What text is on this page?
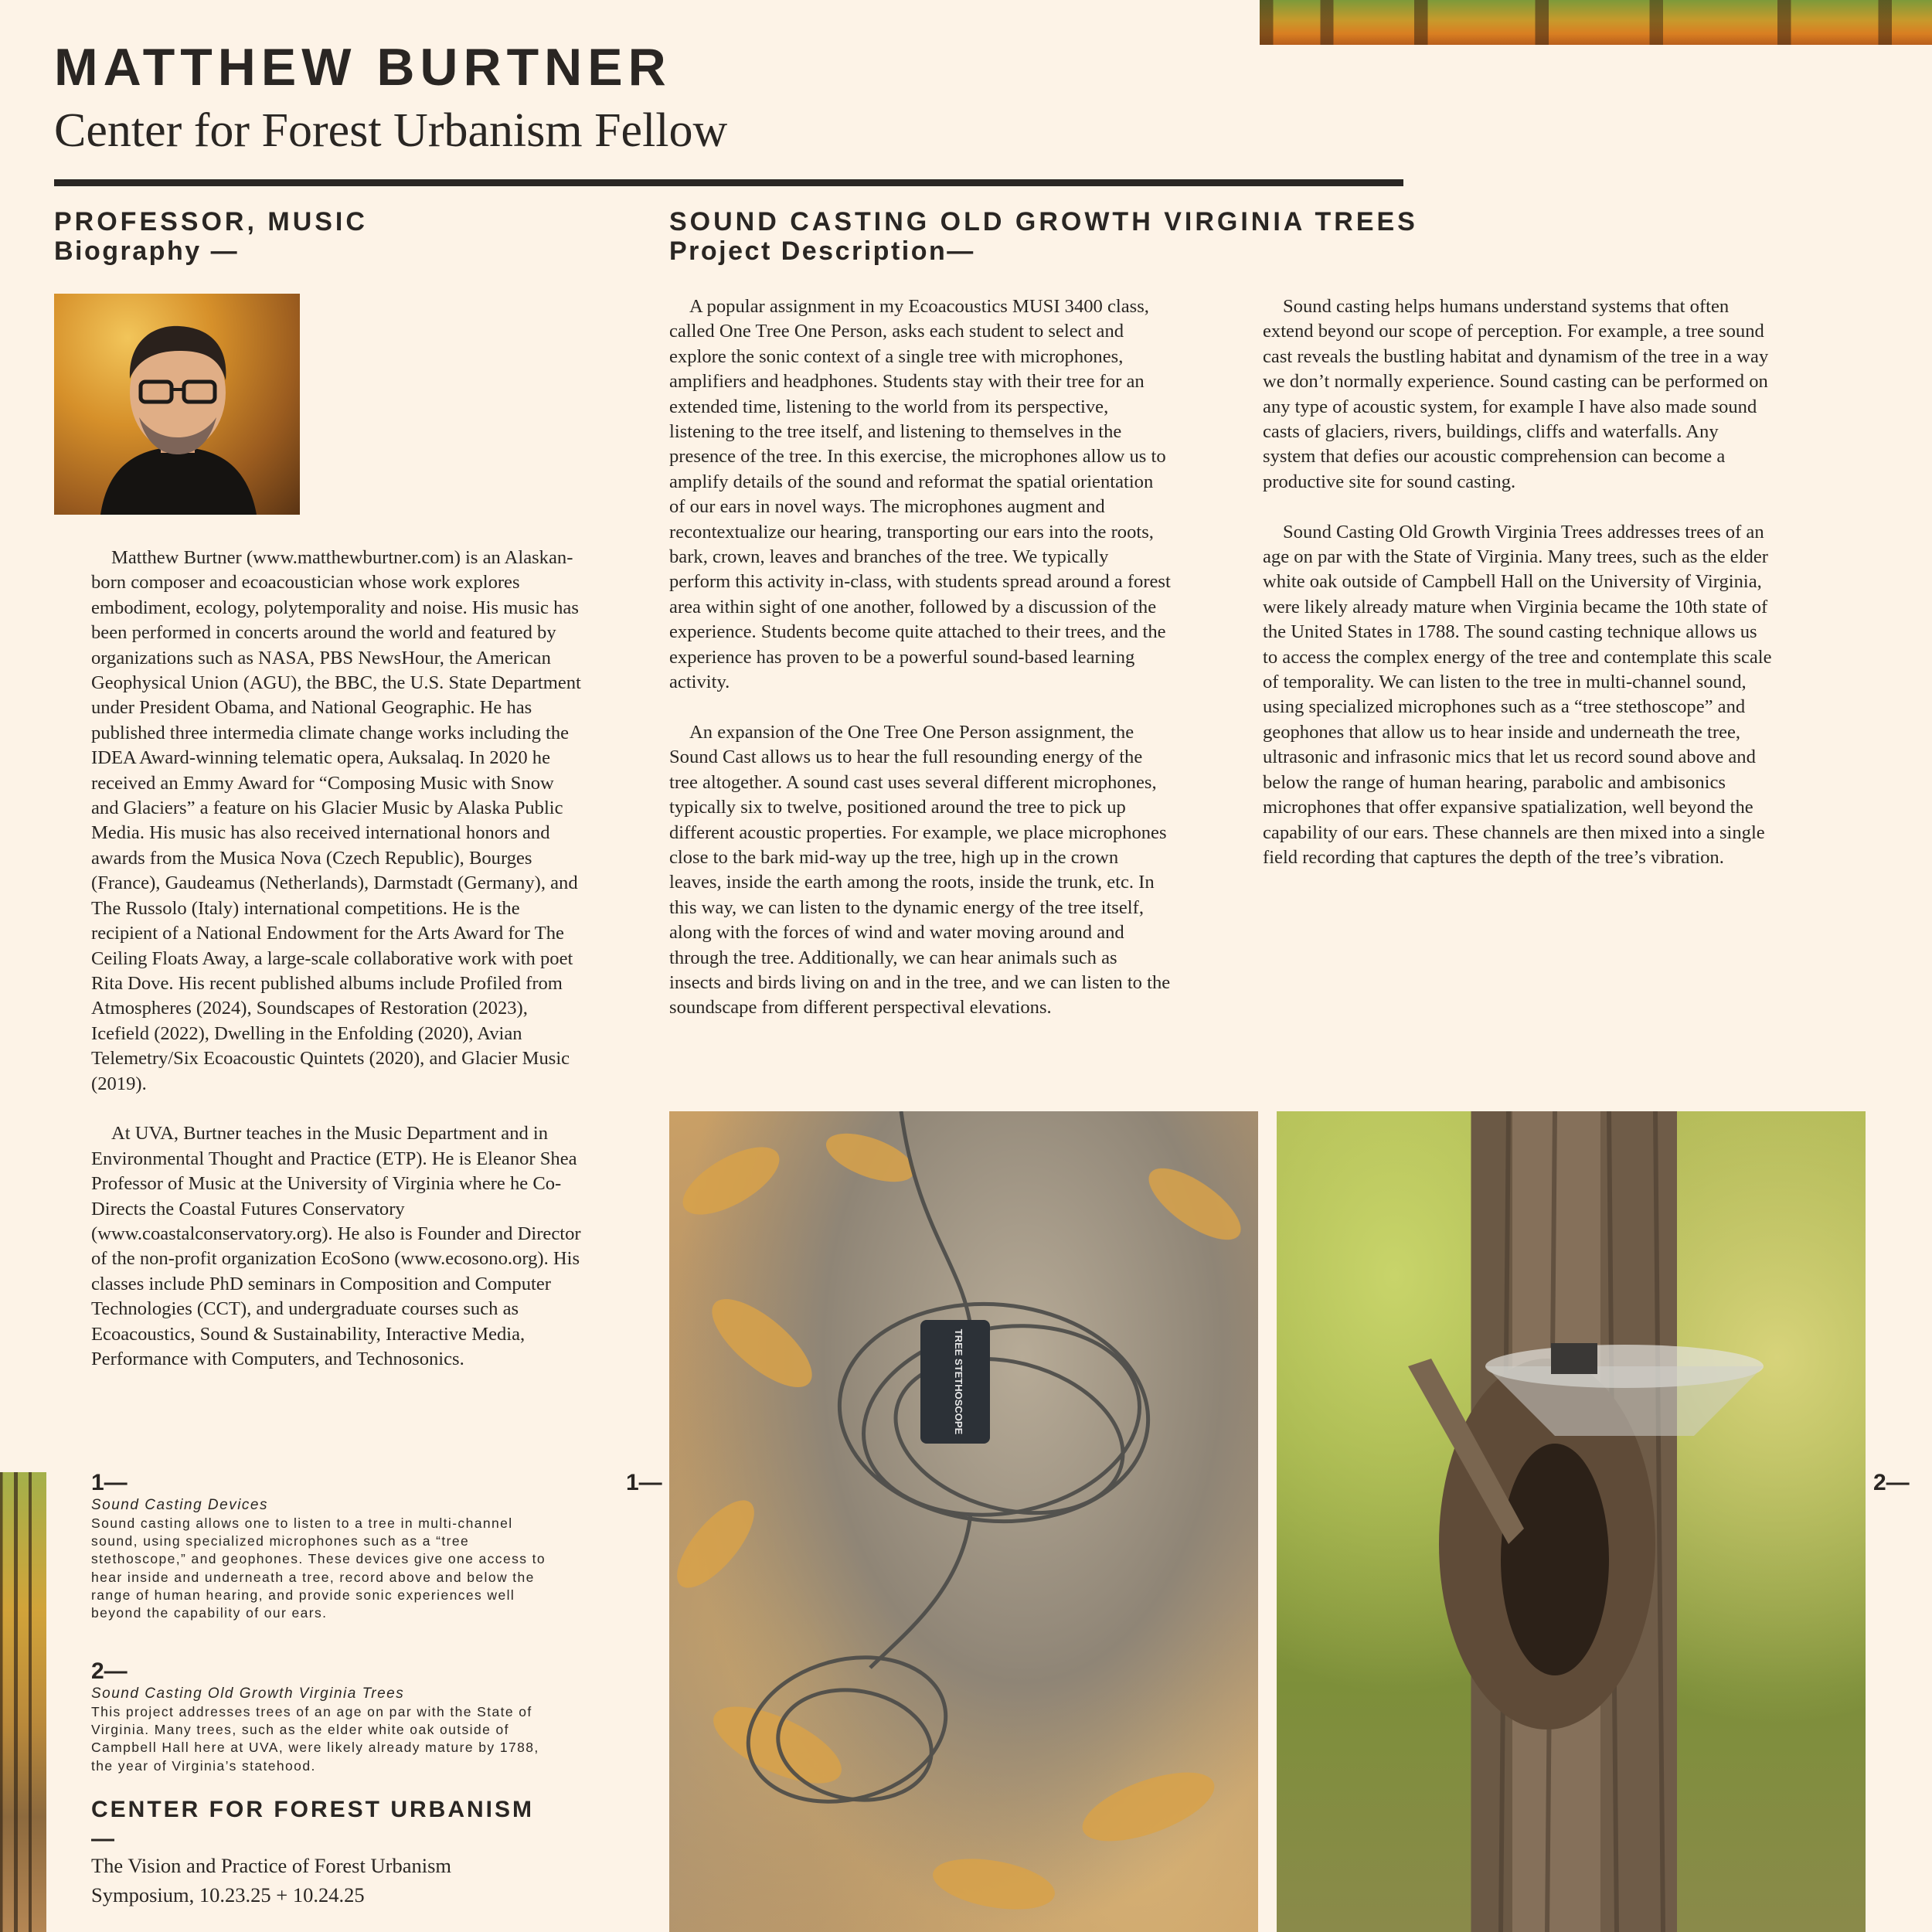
MATTHEW BURTNER
Center for Forest Urbanism Fellow

PROFESSOR, MUSIC

Biography —

Matthew Burtner (www.matthewburtner.com) is an Alaskan-born composer and ecoacoustician whose work explores embodiment, ecology, polytemporality and noise. His music has been performed in concerts around the world and featured by organizations such as NASA, PBS NewsHour, the American Geophysical Union (AGU), the BBC, the U.S. State Department under President Obama, and National Geographic. He has published three intermedia climate change works including the IDEA Award-winning telematic opera, Auksalaq. In 2020 he received an Emmy Award for “Composing Music with Snow and Glaciers” a feature on his Glacier Music by Alaska Public Media. His music has also received international honors and awards from the Musica Nova (Czech Republic), Bourges (France), Gaudeamus (Netherlands), Darmstadt (Germany), and The Russolo (Italy) international competitions. He is the recipient of a National Endowment for the Arts Award for The Ceiling Floats Away, a large-scale collaborative work with poet Rita Dove. His recent published albums include Profiled from Atmospheres (2024), Soundscapes of Restoration (2023), Icefield (2022), Dwelling in the Enfolding (2020), Avian Telemetry/Six Ecoacoustic Quintets (2020), and Glacier Music (2019).

At UVA, Burtner teaches in the Music Department and in Environmental Thought and Practice (ETP). He is Eleanor Shea Professor of Music at the University of Virginia where he Co-Directs the Coastal Futures Conservatory (www.coastalconservatory.org). He also is Founder and Director of the non-profit organization EcoSono (www.ecosono.org). His classes include PhD seminars in Composition and Computer Technologies (CCT), and undergraduate courses such as Ecoacoustics, Sound & Sustainability, Interactive Media, Performance with Computers, and Technosonics.

1—

Sound Casting Devices

Sound casting allows one to listen to a tree in multi-channel sound, using specialized microphones such as a “tree stethoscope,” and geophones. These devices give one access to hear inside and underneath a tree, record above and below the range of human hearing, and provide sonic experiences well beyond the capability of our ears.

2—

Sound Casting Old Growth Virginia Trees

This project addresses trees of an age on par with the State of Virginia. Many trees, such as the elder white oak outside of Campbell Hall here at UVA, were likely already mature by 1788, the year of Virginia’s statehood.

CENTER FOR FOREST URBANISM

—

The Vision and Practice of Forest Urbanism
Symposium, 10.23.25 + 10.24.25

SOUND CASTING OLD GROWTH VIRGINIA TREES

Project Description—

A popular assignment in my Ecoacoustics MUSI 3400 class, called One Tree One Person, asks each student to select and explore the sonic context of a single tree with microphones, amplifiers and headphones. Students stay with their tree for an extended time, listening to the world from its perspective, listening to the tree itself, and listening to themselves in the presence of the tree. In this exercise, the microphones allow us to amplify details of the sound and reformat the spatial orientation of our ears in novel ways. The microphones augment and recontextualize our hearing, transporting our ears into the roots, bark, crown, leaves and branches of the tree. We typically perform this activity in-class, with students spread around a forest area within sight of one another, followed by a discussion of the experience. Students become quite attached to their trees, and the experience has proven to be a powerful sound-based learning activity.

An expansion of the One Tree One Person assignment, the Sound Cast allows us to hear the full resounding energy of the tree altogether. A sound cast uses several different microphones, typically six to twelve, positioned around the tree to pick up different acoustic properties. For example, we place microphones close to the bark mid-way up the tree, high up in the crown leaves, inside the earth among the roots, inside the trunk, etc. In this way, we can listen to the dynamic energy of the tree itself, along with the forces of wind and water moving around and through the tree. Additionally, we can hear animals such as insects and birds living on and in the tree, and we can listen to the soundscape from different perspectival elevations.

Sound casting helps humans understand systems that often extend beyond our scope of perception. For example, a tree sound cast reveals the bustling habitat and dynamism of the tree in a way we don’t normally experience. Sound casting can be performed on any type of acoustic system, for example I have also made sound casts of glaciers, rivers, buildings, cliffs and waterfalls. Any system that defies our acoustic comprehension can become a productive site for sound casting.

Sound Casting Old Growth Virginia Trees addresses trees of an age on par with the State of Virginia. Many trees, such as the elder white oak outside of Campbell Hall on the University of Virginia, were likely already mature when Virginia became the 10th state of the United States in 1788. The sound casting technique allows us to access the complex energy of the tree and contemplate this scale of temporality. We can listen to the tree in multi-channel sound, using specialized microphones such as a “tree stethoscope” and geophones that allow us to hear inside and underneath the tree, ultrasonic and infrasonic mics that let us record sound above and below the range of human hearing, parabolic and ambisonics microphones that offer expansive spatialization, well beyond the capability of our ears. These channels are then mixed into a single field recording that captures the depth of the tree’s vibration.

1—	2—

TREE STETHOSCOPE
